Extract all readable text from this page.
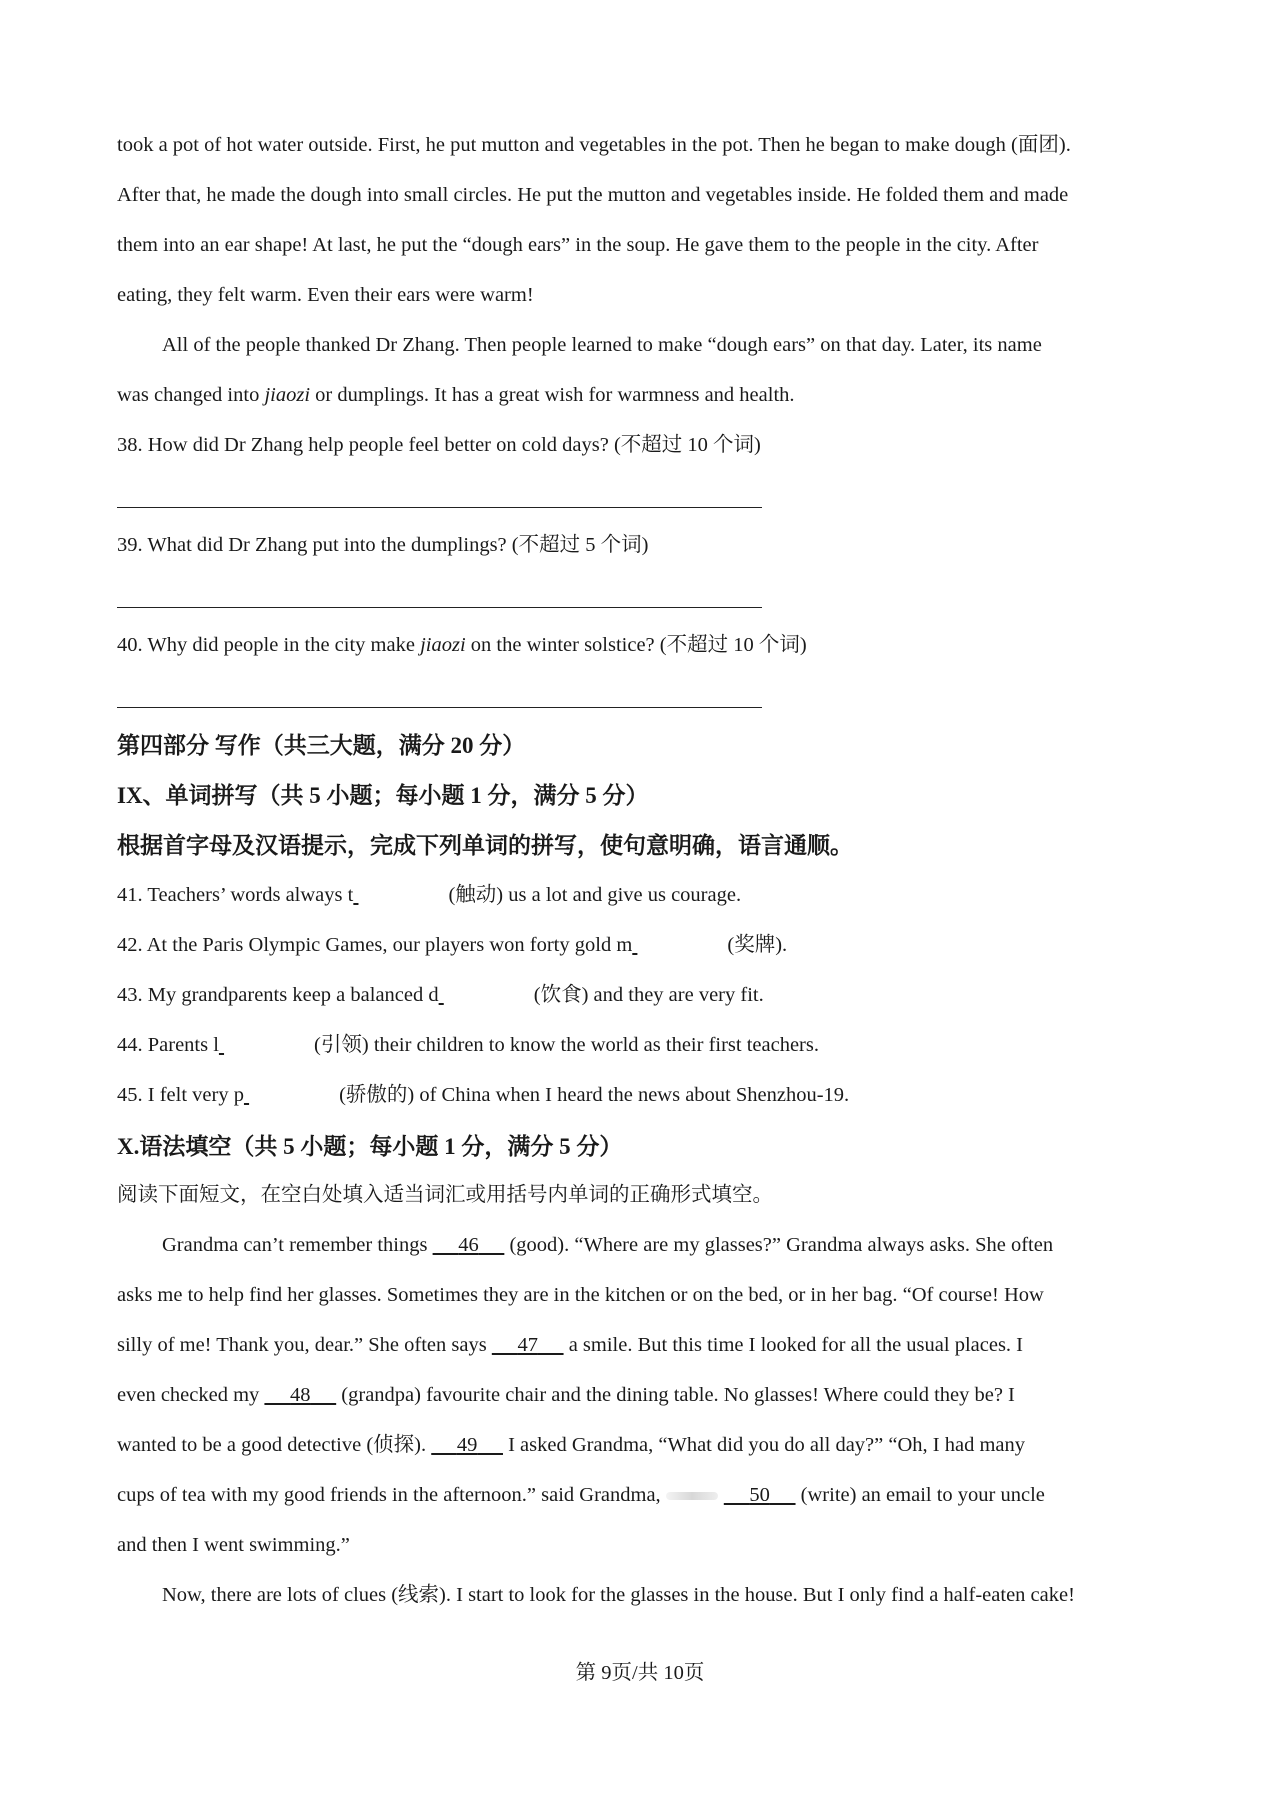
took a pot of hot water outside. First, he put mutton and vegetables in the pot. Then he began to make dough (面团).
After that, he made the dough into small circles. He put the mutton and vegetables inside. He folded them and made
them into an ear shape! At last, he put the “dough ears” in the soup. He gave them to the people in the city. After
eating, they felt warm. Even their ears were warm!
All of the people thanked Dr Zhang. Then people learned to make “dough ears” on that day. Later, its name
was changed into jiaozi or dumplings. It has a great wish for warmness and health.
38. How did Dr Zhang help people feel better on cold days? (不超过 10 个词)
39. What did Dr Zhang put into the dumplings? (不超过 5 个词)
40. Why did people in the city make jiaozi on the winter solstice? (不超过 10 个词)
第四部分 写作（共三大题，满分 20 分）
IX、单词拼写（共 5 小题；每小题 1 分，满分 5 分）
根据首字母及汉语提示，完成下列单词的拼写，使句意明确，语言通顺。
41. Teachers’ words always t	(触动) us a lot and give us courage.
42. At the Paris Olympic Games, our players won forty gold m	(奖牌).
43. My grandparents keep a balanced d	(饮食) and they are very fit.
44. Parents l	(引领) their children to know the world as their first teachers.
45. I felt very p	(骄傲的) of China when I heard the news about Shenzhou-19.
X.语法填空（共 5 小题；每小题 1 分，满分 5 分）
阅读下面短文，在空白处填入适当词汇或用括号内单词的正确形式填空。
Grandma can’t remember things      46      (good). “Where are my glasses?” Grandma always asks. She often
asks me to help find her glasses. Sometimes they are in the kitchen or on the bed, or in her bag. “Of course! How
silly of me! Thank you, dear.” She often says      47      a smile. But this time I looked for all the usual places. I
even checked my      48      (grandpa) favourite chair and the dining table. No glasses! Where could they be? I
wanted to be a good detective (侦探).      49      I asked Grandma, “What did you do all day?” “Oh, I had many
cups of tea with my good friends in the afternoon.” said Grandma,	50      (write) an email to your uncle
and then I went swimming.”
Now, there are lots of clues (线索). I start to look for the glasses in the house. But I only find a half-eaten cake!
第 9页/共 10页
